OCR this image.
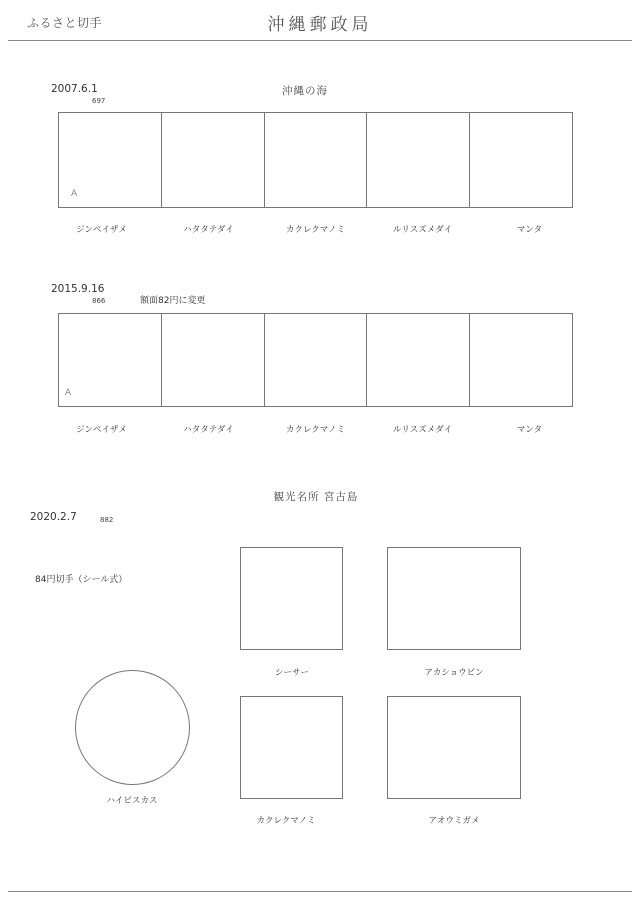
ふるさと切手	沖縄郵政局
2007.6.1
697
沖縄の海
A
ジンベイザメ	ハタタテダイ	カクレクマノミ	ルリスズメダイ	マンタ
2015.9.16
866	額面82円に変更
A
ジンベイザメ	ハタタテダイ	カクレクマノミ	ルリスズメダイ	マンタ
観光名所 宮古島
2020.2.7	882
84円切手（シール式）
ハイビスカス
シーサー	アカショウビン
カクレクマノミ	アオウミガメ
